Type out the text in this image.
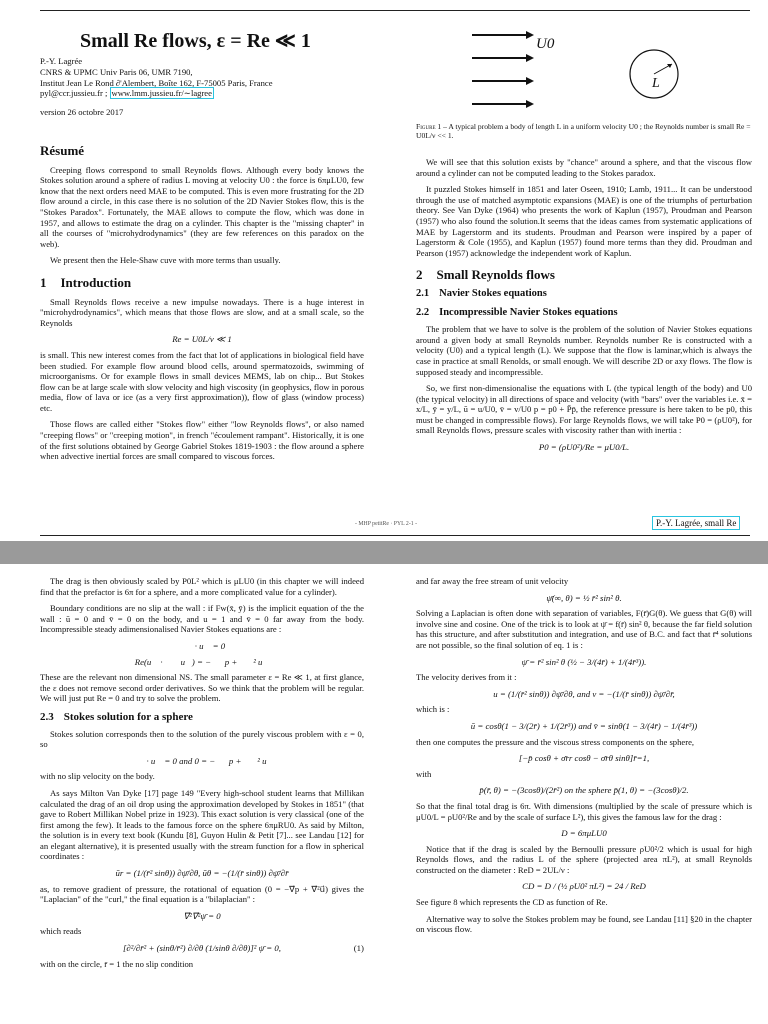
Small Re flows, ε = Re ≪ 1
P.-Y. Lagrée
CNRS & UPMC Univ Paris 06, UMR 7190,
Institut Jean Le Rond ∂'Alembert, Boîte 162, F-75005 Paris, France
pyl@ccr.jussieu.fr ; www.lmm.jussieu.fr/∼lagree
version 26 octobre 2017
U0
L
Figure 1 – A typical problem a body of length L in a uniform velocity U0 ; the Reynolds number is small Re = U0L/ν << 1.
Résumé

Creeping flows correspond to small Reynolds flows. Although every body knows the Stokes solution around a sphere of radius L moving at velocity U0 : the force is 6πμLU0, few know that the next orders need MAE to be computed. This is even more frustrating for the 2D flow around a circle, in this case there is no solution of the 2D Navier Stokes flow, this is the "Stokes Paradox". Fortunately, the MAE allows to compute the flow, which was done in 1957, and allows to estimate the drag on a cylinder. This chapter is the "missing chapter" in all the courses of "microhydrodynamics" (they are few references on this paradox on the web).

We present then the Hele-Shaw cuve with more terms than usually.

1 Introduction

Small Reynolds flows receive a new impulse nowadays. There is a huge interest in "microhydrodynamics", which means that those flows are slow, and at a small scale, so the Reynolds

Re = U0L/ν ≪ 1

is small. This new interest comes from the fact that lot of applications in biological field have been studied. For example flow around blood cells, around spermatozoids, swimming of microorganisms. Or for example flows in small devices MEMS, lab on chip... But Stokes flow can be at large scale with slow velocity and high viscosity (in geophysics, flow in porous media, flow of lava or ice (as a very first approximation)), flow of glass (window process) etc.

Those flows are called either "Stokes flow" either "low Reynolds flows", or also named "creeping flows" or "creeping motion", in french "écoulement rampant". Historically, it is one of the first solutions obtained by George Gabriel Stokes 1819-1903 : the flow around a sphere when advective inertial forces are small compared to viscous forces.

We will see that this solution exists by "chance" around a sphere, and that the viscous flow around a cylinder can not be computed leading to the Stokes paradox.

It puzzled Stokes himself in 1851 and later Oseen, 1910; Lamb, 1911... It can be understood through the use of matched asymptotic expansions (MAE) is one of the triumphs of perturbation theory. See Van Dyke (1964) who presents the work of Kaplun (1957), Proudman and Pearson (1957) who also found the solution.It seems that the ideas cames from systematic applications of MAE by Lagerstorm and its students. Proudman and Pearson were inspired by a paper of Lagerstorm & Cole (1955), and Kaplun (1957) found more terms than they did. Proudman and Pearson (1957) acknowledge the independent work of Kaplun.

2 Small Reynolds flows
2.1 Navier Stokes equations
2.2 Incompressible Navier Stokes equations

The problem that we have to solve is the problem of the solution of Navier Stokes equations around a given body at small Reynolds number. Reynolds number Re is constructed with a velocity (U0) and a typical length (L). We suppose that the flow is laminar,which is always the case in practice at small Renolds, or small enough. We will describe 2D or axy flows. The flow is supposed steady and incompressible.

So, we first non-dimensionalise the equations with L (the typical length of the body) and U0 (the typical velocity) in all directions of space and velocity (with "bars" over the variables i.e. x̄ = x/L, ȳ = y/L, ū = u/U0, v̄ = v/U0 p = p0 + P̄p̄, the reference pressure is here taken to be p0, this must be changed in compressible flows). For large Reynolds flows, we will take P0 = (ρU0²), for small Reynolds flows, pressure scales with viscosity rather than with inertia :

P0 = (ρU0²)/Re = μU0/L.
- MHP petitRe · PYL 2-1 -	P.-Y. Lagrée, small Re

The drag is then obviously scaled by P0L² which is μLU0 (in this chapter we will indeed find that the prefactor is 6π for a sphere, and a more complicated value for a cylinder).

Boundary conditions are no slip at the wall : if Fw(x̄, ȳ) is the implicit equation of the the wall : ū = 0 and v̄ = 0 on the body, and u = 1 and v̄ = 0 far away from the body. Incompressible steady adimensionalised Navier Stokes equations are :

∇⃗ · u⃗ = 0
Re(u⃗ · ∇⃗ u⃗) = −∇⃗p + ∇⃗² u⃗

These are the relevant non dimensional NS. The small parameter ε = Re ≪ 1, at first glance, the ε does not remove second order derivatives. So we think that the problem will be regular. We will just put Re = 0 and try to solve the problem.

2.3 Stokes solution for a sphere

Stokes solution corresponds then to the solution of the purely viscous problem with ε = 0, so

∇⃗ · u⃗ = 0 and 0 = −∇⃗p + ∇⃗² u⃗

with no slip velocity on the body.

As says Milton Van Dyke [17] page 149 "Every high-school student learns that Millikan calculated the drag of an oil drop using the approximation developed by Stokes in 1851" (that gave to Robert Millikan Nobel prize in 1923). This exact solution is very classical (one of the first among the few). It leads to the famous force on the sphere 6πμRU0. As said by Milton, the solution is in every text book (Kundu [8], Guyon Hulin & Petit [7]... see Landau [12] for an elegant alternative), it is presented usually with the stream function for a flow in spherical coordinates :

ūr = (1/(r̄² sinθ)) ∂ψ̄/∂θ, ūθ = −(1/(r̄ sinθ)) ∂ψ̄/∂r̄

as, to remove gradient of pressure, the rotational of equation (0 = −∇⃗p + ∇⃗²u⃗) gives the "Laplacian" of the "curl," the final equation is a "bilaplacian" :

∇⃗²∇⃗²ψ̄ = 0

which reads

[∂²/∂r̄² + (sinθ/r̄²) ∂/∂θ (1/sinθ ∂/∂θ)]² ψ̄ = 0,	(1)

with on the circle, r̄ = 1 the no slip condition

and far away the free stream of unit velocity

ψ̄(∞, θ) = ½ r̄² sin² θ.

Solving a Laplacian is often done with separation of variables, F(r̄)G(θ). We guess that G(θ) will involve sine and cosine. One of the trick is to look at ψ̄ = f(r̄) sin² θ, because the far field solution has this structure, and after substitution and integration, and use of B.C. and fact that r̄⁴ solutions are not possible, so the final solution of eq. 1 is :

ψ̄ = r̄² sin² θ (½ − 3/(4r̄) + 1/(4r̄³)).

The velocity derives from it :

u = (1/(r̄² sinθ)) ∂ψ̄/∂θ, and v = −(1/(r̄ sinθ)) ∂ψ̄/∂r̄,

which is :

ū = cosθ(1 − 3/(2r̄) + 1/(2r̄³)) and v̄ = sinθ(1 − 3/(4r̄) − 1/(4r̄³))

then one computes the pressure and the viscous stress components on the sphere,

[−p̄ cosθ + σ̄rr cosθ − σ̄rθ sinθ]r̄=1,

with

p̄(r̄, θ) = −(3cosθ)/(2r̄²) on the sphere p̄(1, θ) = −(3cosθ)/2.

So that the final total drag is 6π. With dimensions (multiplied by the scale of pressure which is μU0/L = ρU0²/Re and by the scale of surface L²), this gives the famous law for the drag :

D = 6πμLU0

Notice that if the drag is scaled by the Bernoulli pressure ρU0²/2 which is usual for high Reynolds flows, and the radius L of the sphere (projected area πL²), at small Reynolds constructed on the diameter : ReD = 2UL/ν :

CD = D / (½ ρU0² πL²) = 24 / ReD

See figure 8 which represents the CD as function of Re.

Alternative way to solve the Stokes problem may be found, see Landau [11] §20 in the chapter on viscous flow.
